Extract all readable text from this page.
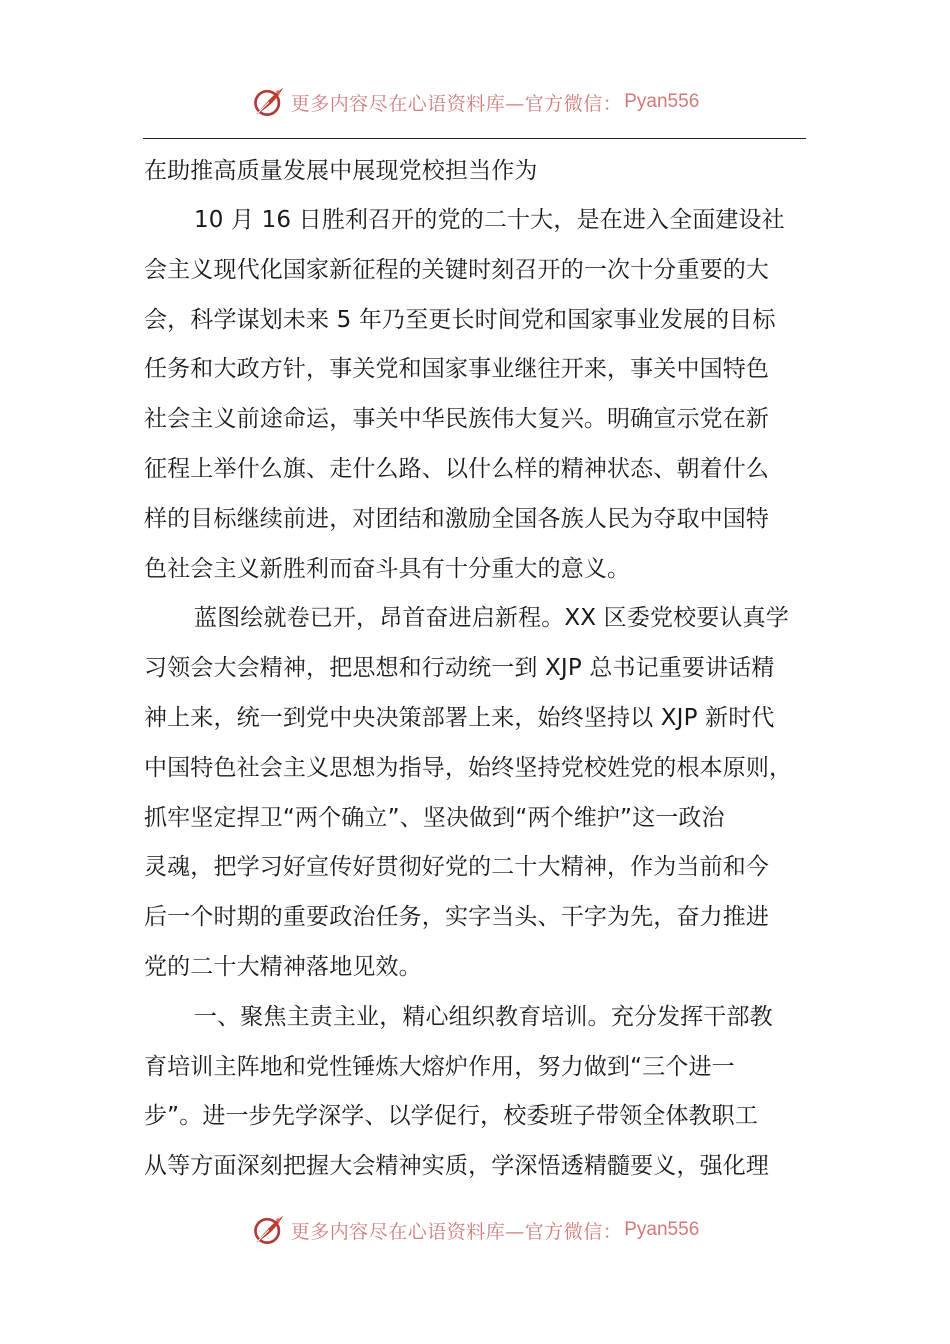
更多内容尽在心语资料库—官方微信： Pyan556
在助推高质量发展中展现党校担当作为
10 月 16 日胜利召开的党的二十大，是在进入全面建设社
会主义现代化国家新征程的关键时刻召开的一次十分重要的大
会，科学谋划未来 5 年乃至更长时间党和国家事业发展的目标
任务和大政方针，事关党和国家事业继往开来，事关中国特色
社会主义前途命运，事关中华民族伟大复兴。明确宣示党在新
征程上举什么旗、走什么路、以什么样的精神状态、朝着什么
样的目标继续前进，对团结和激励全国各族人民为夺取中国特
色社会主义新胜利而奋斗具有十分重大的意义。
蓝图绘就卷已开，昂首奋进启新程。XX 区委党校要认真学
习领会大会精神，把思想和行动统一到 XJP 总书记重要讲话精
神上来，统一到党中央决策部署上来，始终坚持以 XJP 新时代
中国特色社会主义思想为指导，始终坚持党校姓党的根本原则，
抓牢坚定捍卫“两个确立”、坚决做到“两个维护”这一政治
灵魂，把学习好宣传好贯彻好党的二十大精神，作为当前和今
后一个时期的重要政治任务，实字当头、干字为先，奋力推进
党的二十大精神落地见效。
一、聚焦主责主业，精心组织教育培训。充分发挥干部教
育培训主阵地和党性锤炼大熔炉作用，努力做到“三个进一
步”。进一步先学深学、以学促行，校委班子带领全体教职工
从等方面深刻把握大会精神实质，学深悟透精髓要义，强化理
更多内容尽在心语资料库—官方微信： Pyan556
